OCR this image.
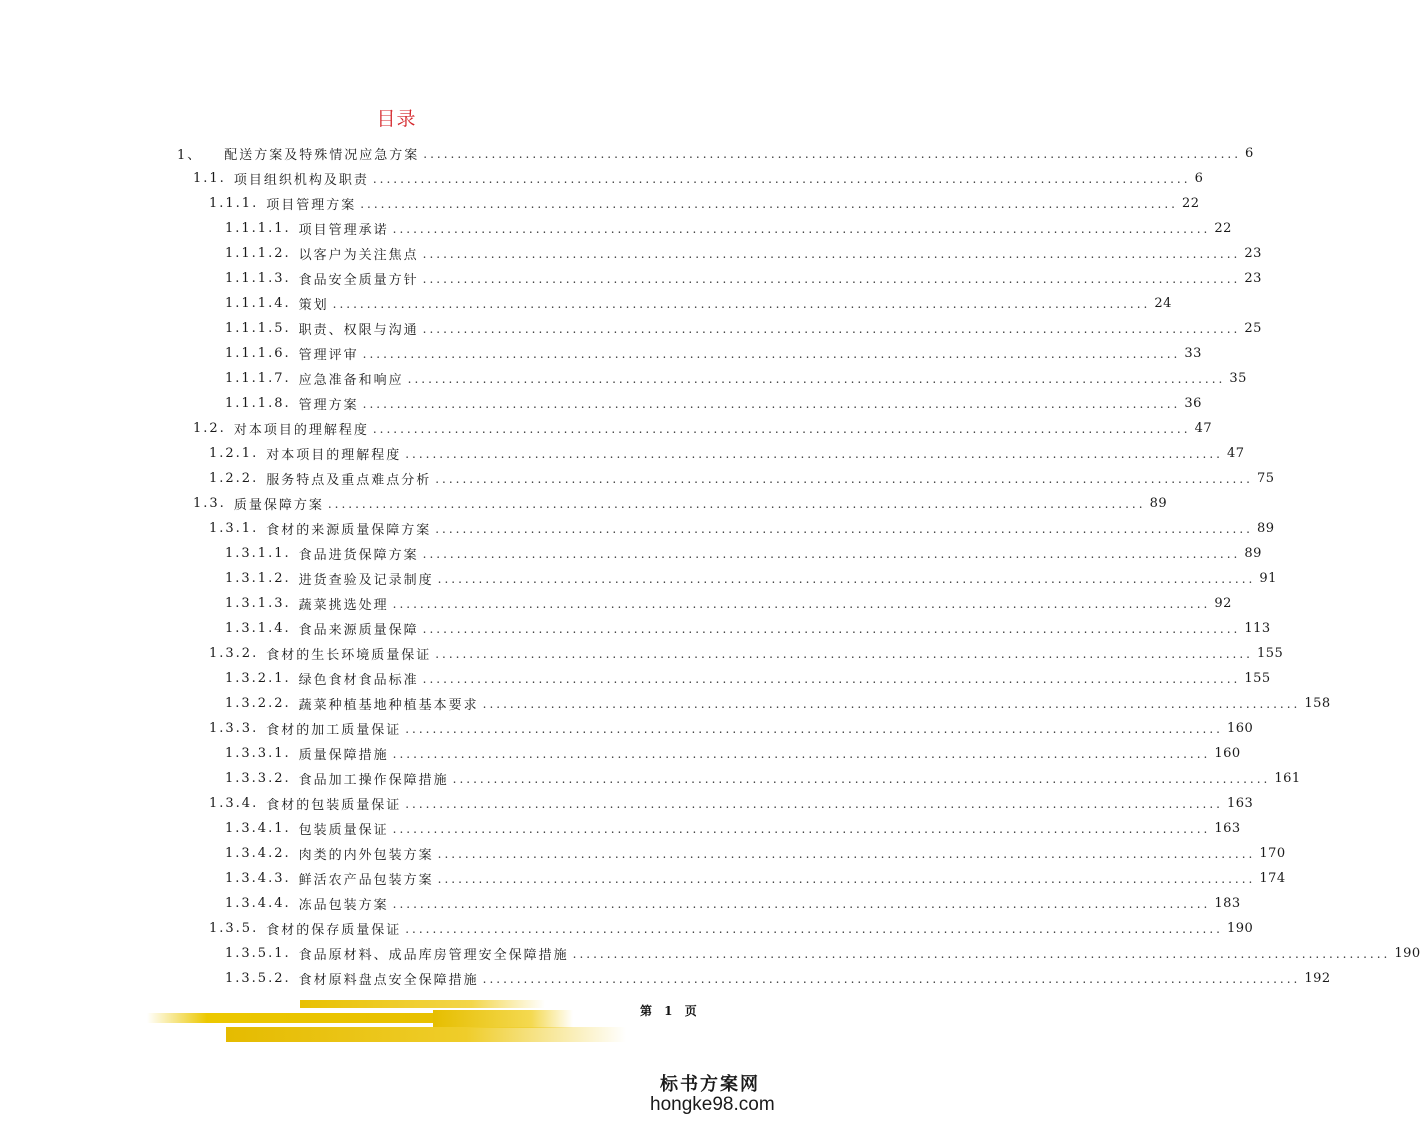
目录
1、 配送方案及特殊情况应急方案 ........................................................................................................................ 6
1.1. 项目组织机构及职责 ........................................................................................................................ 6
1.1.1. 项目管理方案 ........................................................................................................................ 22
1.1.1.1. 项目管理承诺 ........................................................................................................................ 22
1.1.1.2. 以客户为关注焦点 ........................................................................................................................ 23
1.1.1.3. 食品安全质量方针 ........................................................................................................................ 23
1.1.1.4. 策划 ........................................................................................................................ 24
1.1.1.5. 职责、权限与沟通 ........................................................................................................................ 25
1.1.1.6. 管理评审 ........................................................................................................................ 33
1.1.1.7. 应急准备和响应 ........................................................................................................................ 35
1.1.1.8. 管理方案 ........................................................................................................................ 36
1.2. 对本项目的理解程度 ........................................................................................................................ 47
1.2.1. 对本项目的理解程度 ........................................................................................................................ 47
1.2.2. 服务特点及重点难点分析 ........................................................................................................................ 75
1.3. 质量保障方案 ........................................................................................................................ 89
1.3.1. 食材的来源质量保障方案 ........................................................................................................................ 89
1.3.1.1. 食品进货保障方案 ........................................................................................................................ 89
1.3.1.2. 进货查验及记录制度 ........................................................................................................................ 91
1.3.1.3. 蔬菜挑选处理 ........................................................................................................................ 92
1.3.1.4. 食品来源质量保障 ........................................................................................................................ 113
1.3.2. 食材的生长环境质量保证 ........................................................................................................................ 155
1.3.2.1. 绿色食材食品标准 ........................................................................................................................ 155
1.3.2.2. 蔬菜种植基地种植基本要求 ........................................................................................................................ 158
1.3.3. 食材的加工质量保证 ........................................................................................................................ 160
1.3.3.1. 质量保障措施 ........................................................................................................................ 160
1.3.3.2. 食品加工操作保障措施 ........................................................................................................................ 161
1.3.4. 食材的包装质量保证 ........................................................................................................................ 163
1.3.4.1. 包装质量保证 ........................................................................................................................ 163
1.3.4.2. 肉类的内外包装方案 ........................................................................................................................ 170
1.3.4.3. 鲜活农产品包装方案 ........................................................................................................................ 174
1.3.4.4. 冻品包装方案 ........................................................................................................................ 183
1.3.5. 食材的保存质量保证 ........................................................................................................................ 190
1.3.5.1. 食品原材料、成品库房管理安全保障措施 ........................................................................................................................ 190
1.3.5.2. 食材原料盘点安全保障措施 ........................................................................................................................ 192
第 1 页
标书方案网
hongke98.com
